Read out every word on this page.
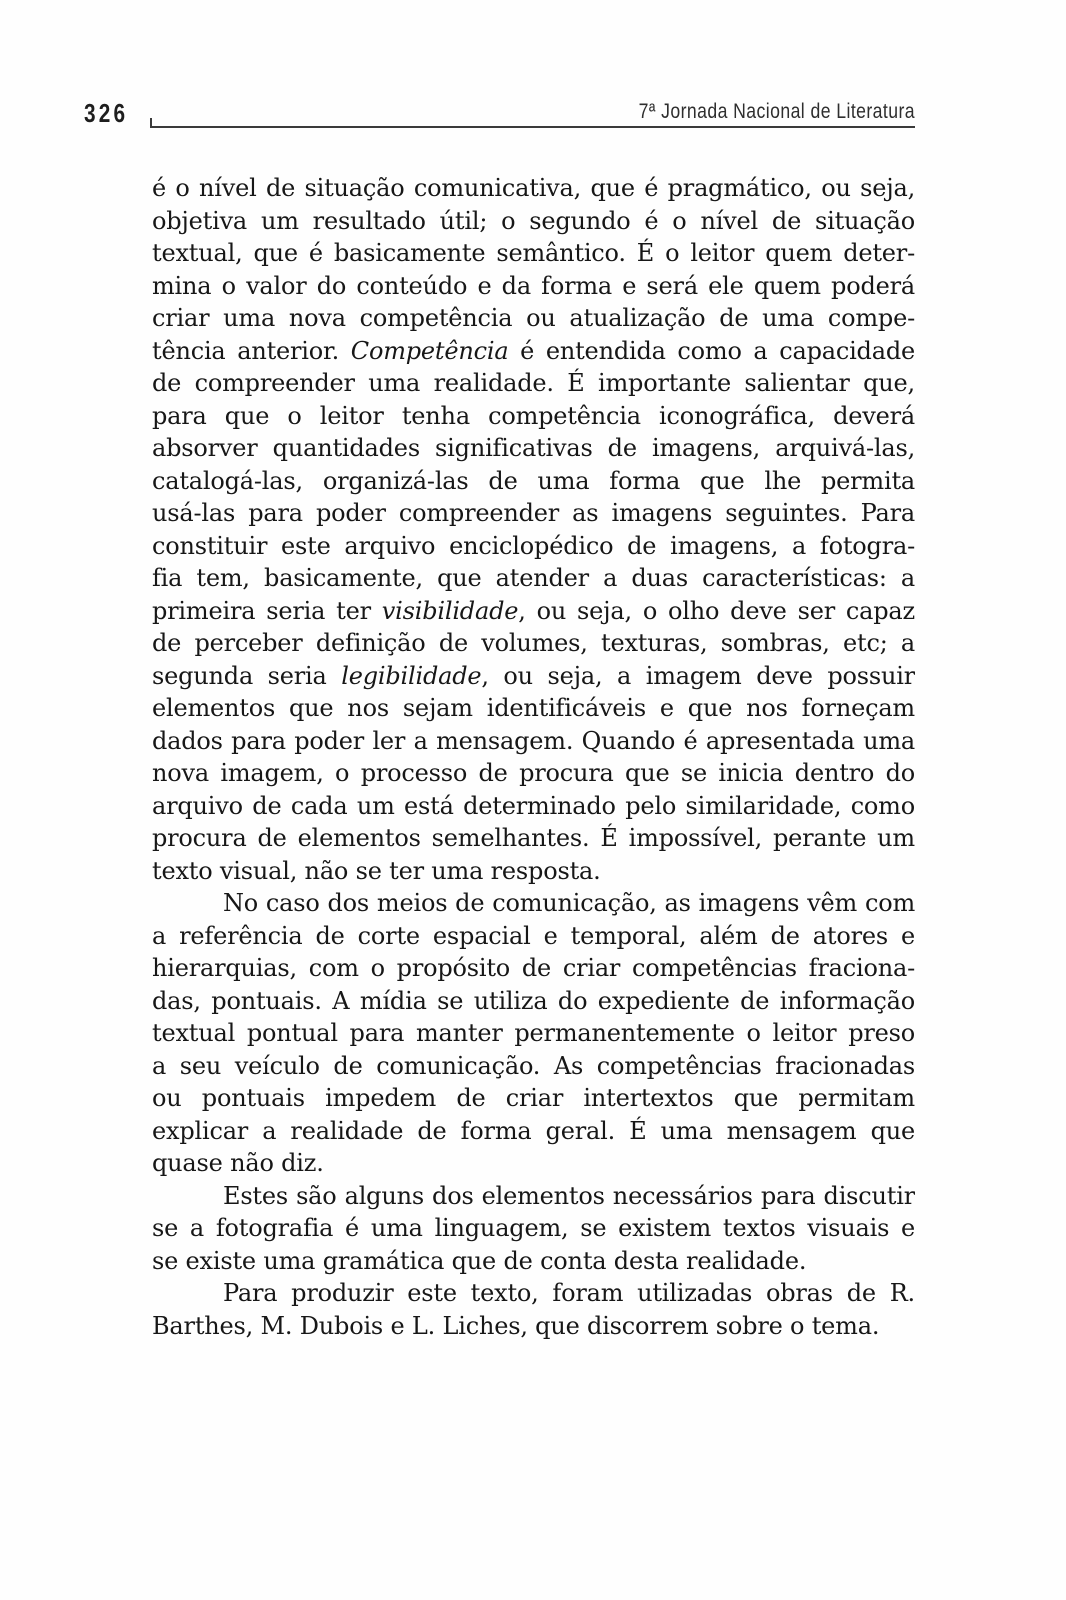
326	7ª Jornada Nacional de Literatura
é o nível de situação comunicativa, que é pragmático, ou seja,
objetiva um resultado útil; o segundo é o nível de situação
textual, que é basicamente semântico. É o leitor quem deter-
mina o valor do conteúdo e da forma e será ele quem poderá
criar uma nova competência ou atualização de uma compe-
tência anterior. Competência é entendida como a capacidade
de compreender uma realidade. É importante salientar que,
para que o leitor tenha competência iconográfica, deverá
absorver quantidades significativas de imagens, arquivá-las,
catalogá-las, organizá-las de uma forma que lhe permita
usá-las para poder compreender as imagens seguintes. Para
constituir este arquivo enciclopédico de imagens, a fotogra-
fia tem, basicamente, que atender a duas características: a
primeira seria ter visibilidade, ou seja, o olho deve ser capaz
de perceber definição de volumes, texturas, sombras, etc; a
segunda seria legibilidade, ou seja, a imagem deve possuir
elementos que nos sejam identificáveis e que nos forneçam
dados para poder ler a mensagem. Quando é apresentada uma
nova imagem, o processo de procura que se inicia dentro do
arquivo de cada um está determinado pelo similaridade, como
procura de elementos semelhantes. É impossível, perante um
texto visual, não se ter uma resposta.
No caso dos meios de comunicação, as imagens vêm com
a referência de corte espacial e temporal, além de atores e
hierarquias, com o propósito de criar competências fraciona-
das, pontuais. A mídia se utiliza do expediente de informação
textual pontual para manter permanentemente o leitor preso
a seu veículo de comunicação. As competências fracionadas
ou pontuais impedem de criar intertextos que permitam
explicar a realidade de forma geral. É uma mensagem que
quase não diz.
Estes são alguns dos elementos necessários para discutir
se a fotografia é uma linguagem, se existem textos visuais e
se existe uma gramática que de conta desta realidade.
Para produzir este texto, foram utilizadas obras de R.
Barthes, M. Dubois e L. Liches, que discorrem sobre o tema.
